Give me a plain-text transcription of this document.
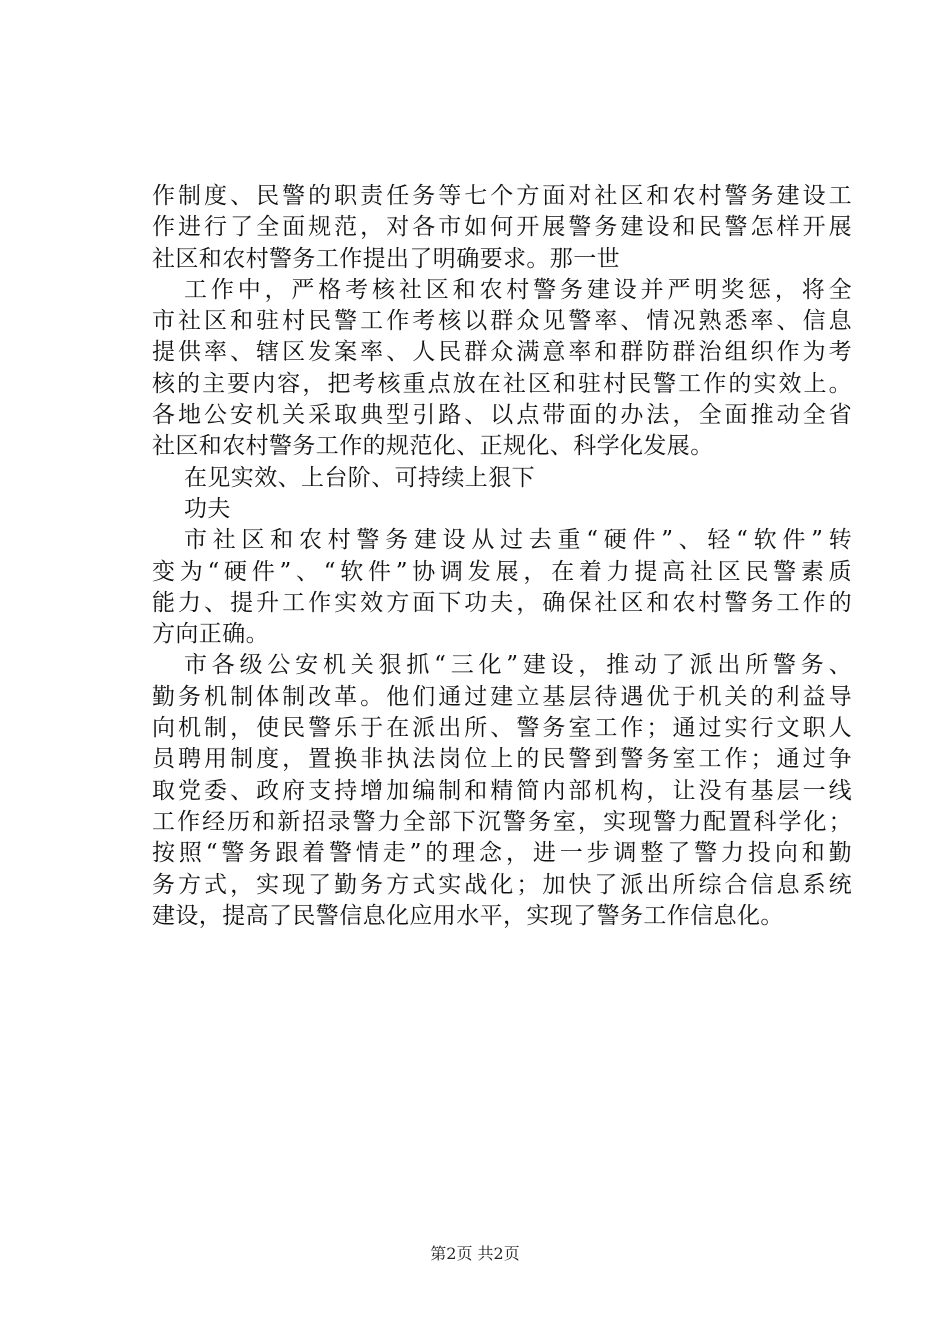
作制度、民警的职责任务等七个方面对社区和农村警务建设工
作进行了全面规范，对各市如何开展警务建设和民警怎样开展
社区和农村警务工作提出了明确要求。那一世
工作中，严格考核社区和农村警务建设并严明奖惩，将全
市社区和驻村民警工作考核以群众见警率、情况熟悉率、信息
提供率、辖区发案率、人民群众满意率和群防群治组织作为考
核的主要内容，把考核重点放在社区和驻村民警工作的实效上。
各地公安机关采取典型引路、以点带面的办法，全面推动全省
社区和农村警务工作的规范化、正规化、科学化发展。
在见实效、上台阶、可持续上狠下
功夫
市社区和农村警务建设从过去重“硬件”、轻“软件”转
变为“硬件”、“软件”协调发展，在着力提高社区民警素质
能力、提升工作实效方面下功夫，确保社区和农村警务工作的
方向正确。
市各级公安机关狠抓“三化”建设，推动了派出所警务、
勤务机制体制改革。他们通过建立基层待遇优于机关的利益导
向机制，使民警乐于在派出所、警务室工作；通过实行文职人
员聘用制度，置换非执法岗位上的民警到警务室工作；通过争
取党委、政府支持增加编制和精简内部机构，让没有基层一线
工作经历和新招录警力全部下沉警务室，实现警力配置科学化；
按照“警务跟着警情走”的理念，进一步调整了警力投向和勤
务方式，实现了勤务方式实战化；加快了派出所综合信息系统
建设，提高了民警信息化应用水平，实现了警务工作信息化。
第2页 共2页
